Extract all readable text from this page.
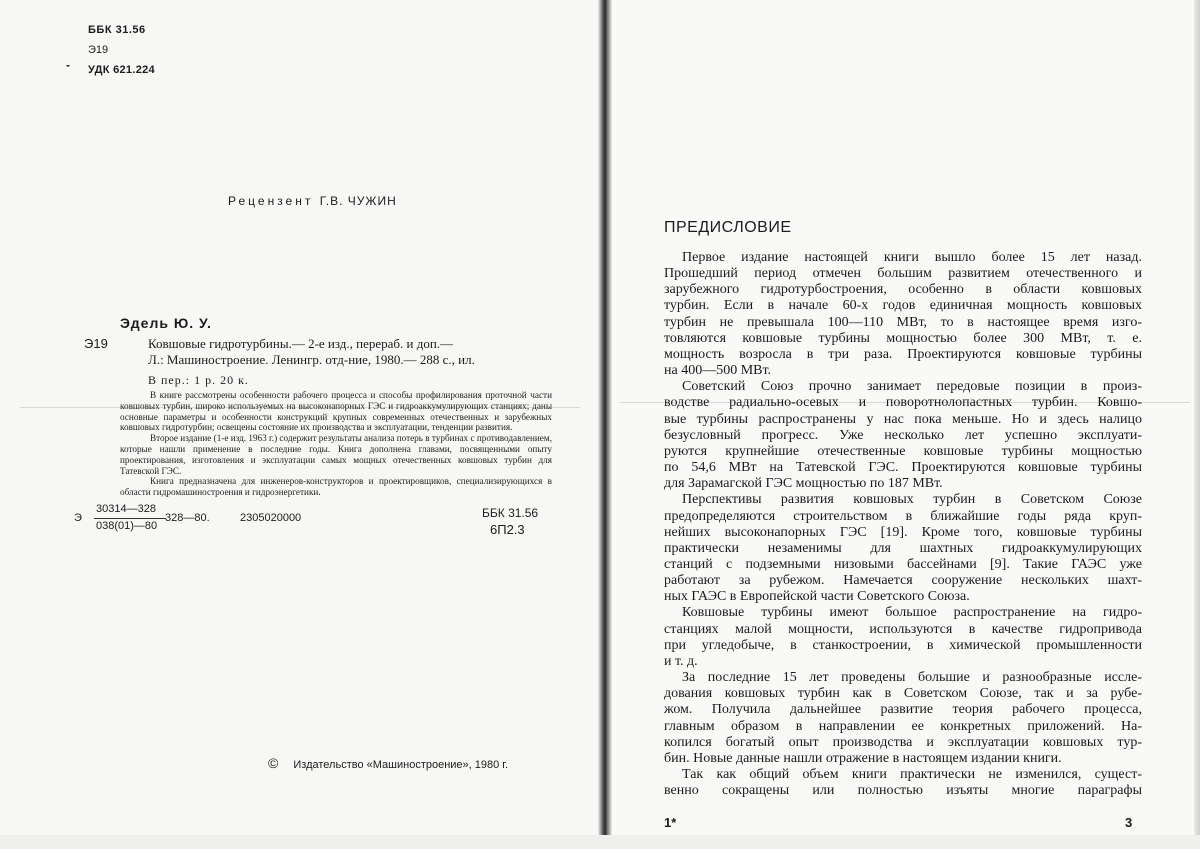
ББК 31.56
Э19
- УДК 621.224
Рецензент Г.В. ЧУЖИН
Эдель Ю. У.
Э19	Ковшовые гидротурбины.— 2-е изд., перераб. и доп.—
Л.: Машиностроение. Ленингр. отд-ние, 1980.— 288 с., ил.
В пер.: 1 р. 20 к.
В книге рассмотрены особенности рабочего процесса и способы профилирования проточной части ковшовых турбин, широко используемых на высоконапорных ГЭС и гидроаккумулирующих станциях; даны основные параметры и особенности конструкций крупных современных отечественных и зарубежных ковшовых гидротурбин; освещены состояние их производства и эксплуатации, тенденции развития.
Второе издание (1-е изд. 1963 г.) содержит результаты анализа потерь в турбинах с противодавлением, которые нашли применение в последние годы. Книга дополнена главами, посвященными опыту проектирования, изготовления и эксплуатации самых мощных отечественных ковшовых турбин для Татевской ГЭС.
Книга предназначена для инженеров-конструкторов и проектировщиков, специализирующихся в области гидромашиностроения и гидроэнергетики.
Э
30314—328
038(01)—80
328—80.	2305020000	ББК 31.56
6П2.3
© Издательство «Машиностроение», 1980 г.
ПРЕДИСЛОВИЕ
Первое издание настоящей книги вышло более 15 лет назад.
Прошедший период отмечен большим развитием отечественного и
зарубежного гидротурбостроения, особенно в области ковшовых
турбин. Если в начале 60-х годов единичная мощность ковшовых
турбин не превышала 100—110 МВт, то в настоящее время изго-
товляются ковшовые турбины мощностью более 300 МВт, т. е.
мощность возросла в три раза. Проектируются ковшовые турбины
на 400—500 МВт.
Советский Союз прочно занимает передовые позиции в произ-
водстве радиально-осевых и поворотнолопастных турбин. Ковшо-
вые турбины распространены у нас пока меньше. Но и здесь налицо
безусловный прогресс. Уже несколько лет успешно эксплуати-
руются крупнейшие отечественные ковшовые турбины мощностью
по 54,6 МВт на Татевской ГЭС. Проектируются ковшовые турбины
для Зарамагской ГЭС мощностью по 187 МВт.
Перспективы развития ковшовых турбин в Советском Союзе
предопределяются строительством в ближайшие годы ряда круп-
нейших высоконапорных ГЭС [19]. Кроме того, ковшовые турбины
практически незаменимы для шахтных гидроаккумулирующих
станций с подземными низовыми бассейнами [9]. Такие ГАЭС уже
работают за рубежом. Намечается сооружение нескольких шахт-
ных ГАЭС в Европейской части Советского Союза.
Ковшовые турбины имеют большое распространение на гидро-
станциях малой мощности, используются в качестве гидропривода
при угледобыче, в станкостроении, в химической промышленности
и т. д.
За последние 15 лет проведены большие и разнообразные иссле-
дования ковшовых турбин как в Советском Союзе, так и за рубе-
жом. Получила дальнейшее развитие теория рабочего процесса,
главным образом в направлении ее конкретных приложений. На-
копился богатый опыт производства и эксплуатации ковшовых тур-
бин. Новые данные нашли отражение в настоящем издании книги.
Так как общий объем книги практически не изменился, сущест-
венно сокращены или полностью изъяты многие параграфы
1*	3
